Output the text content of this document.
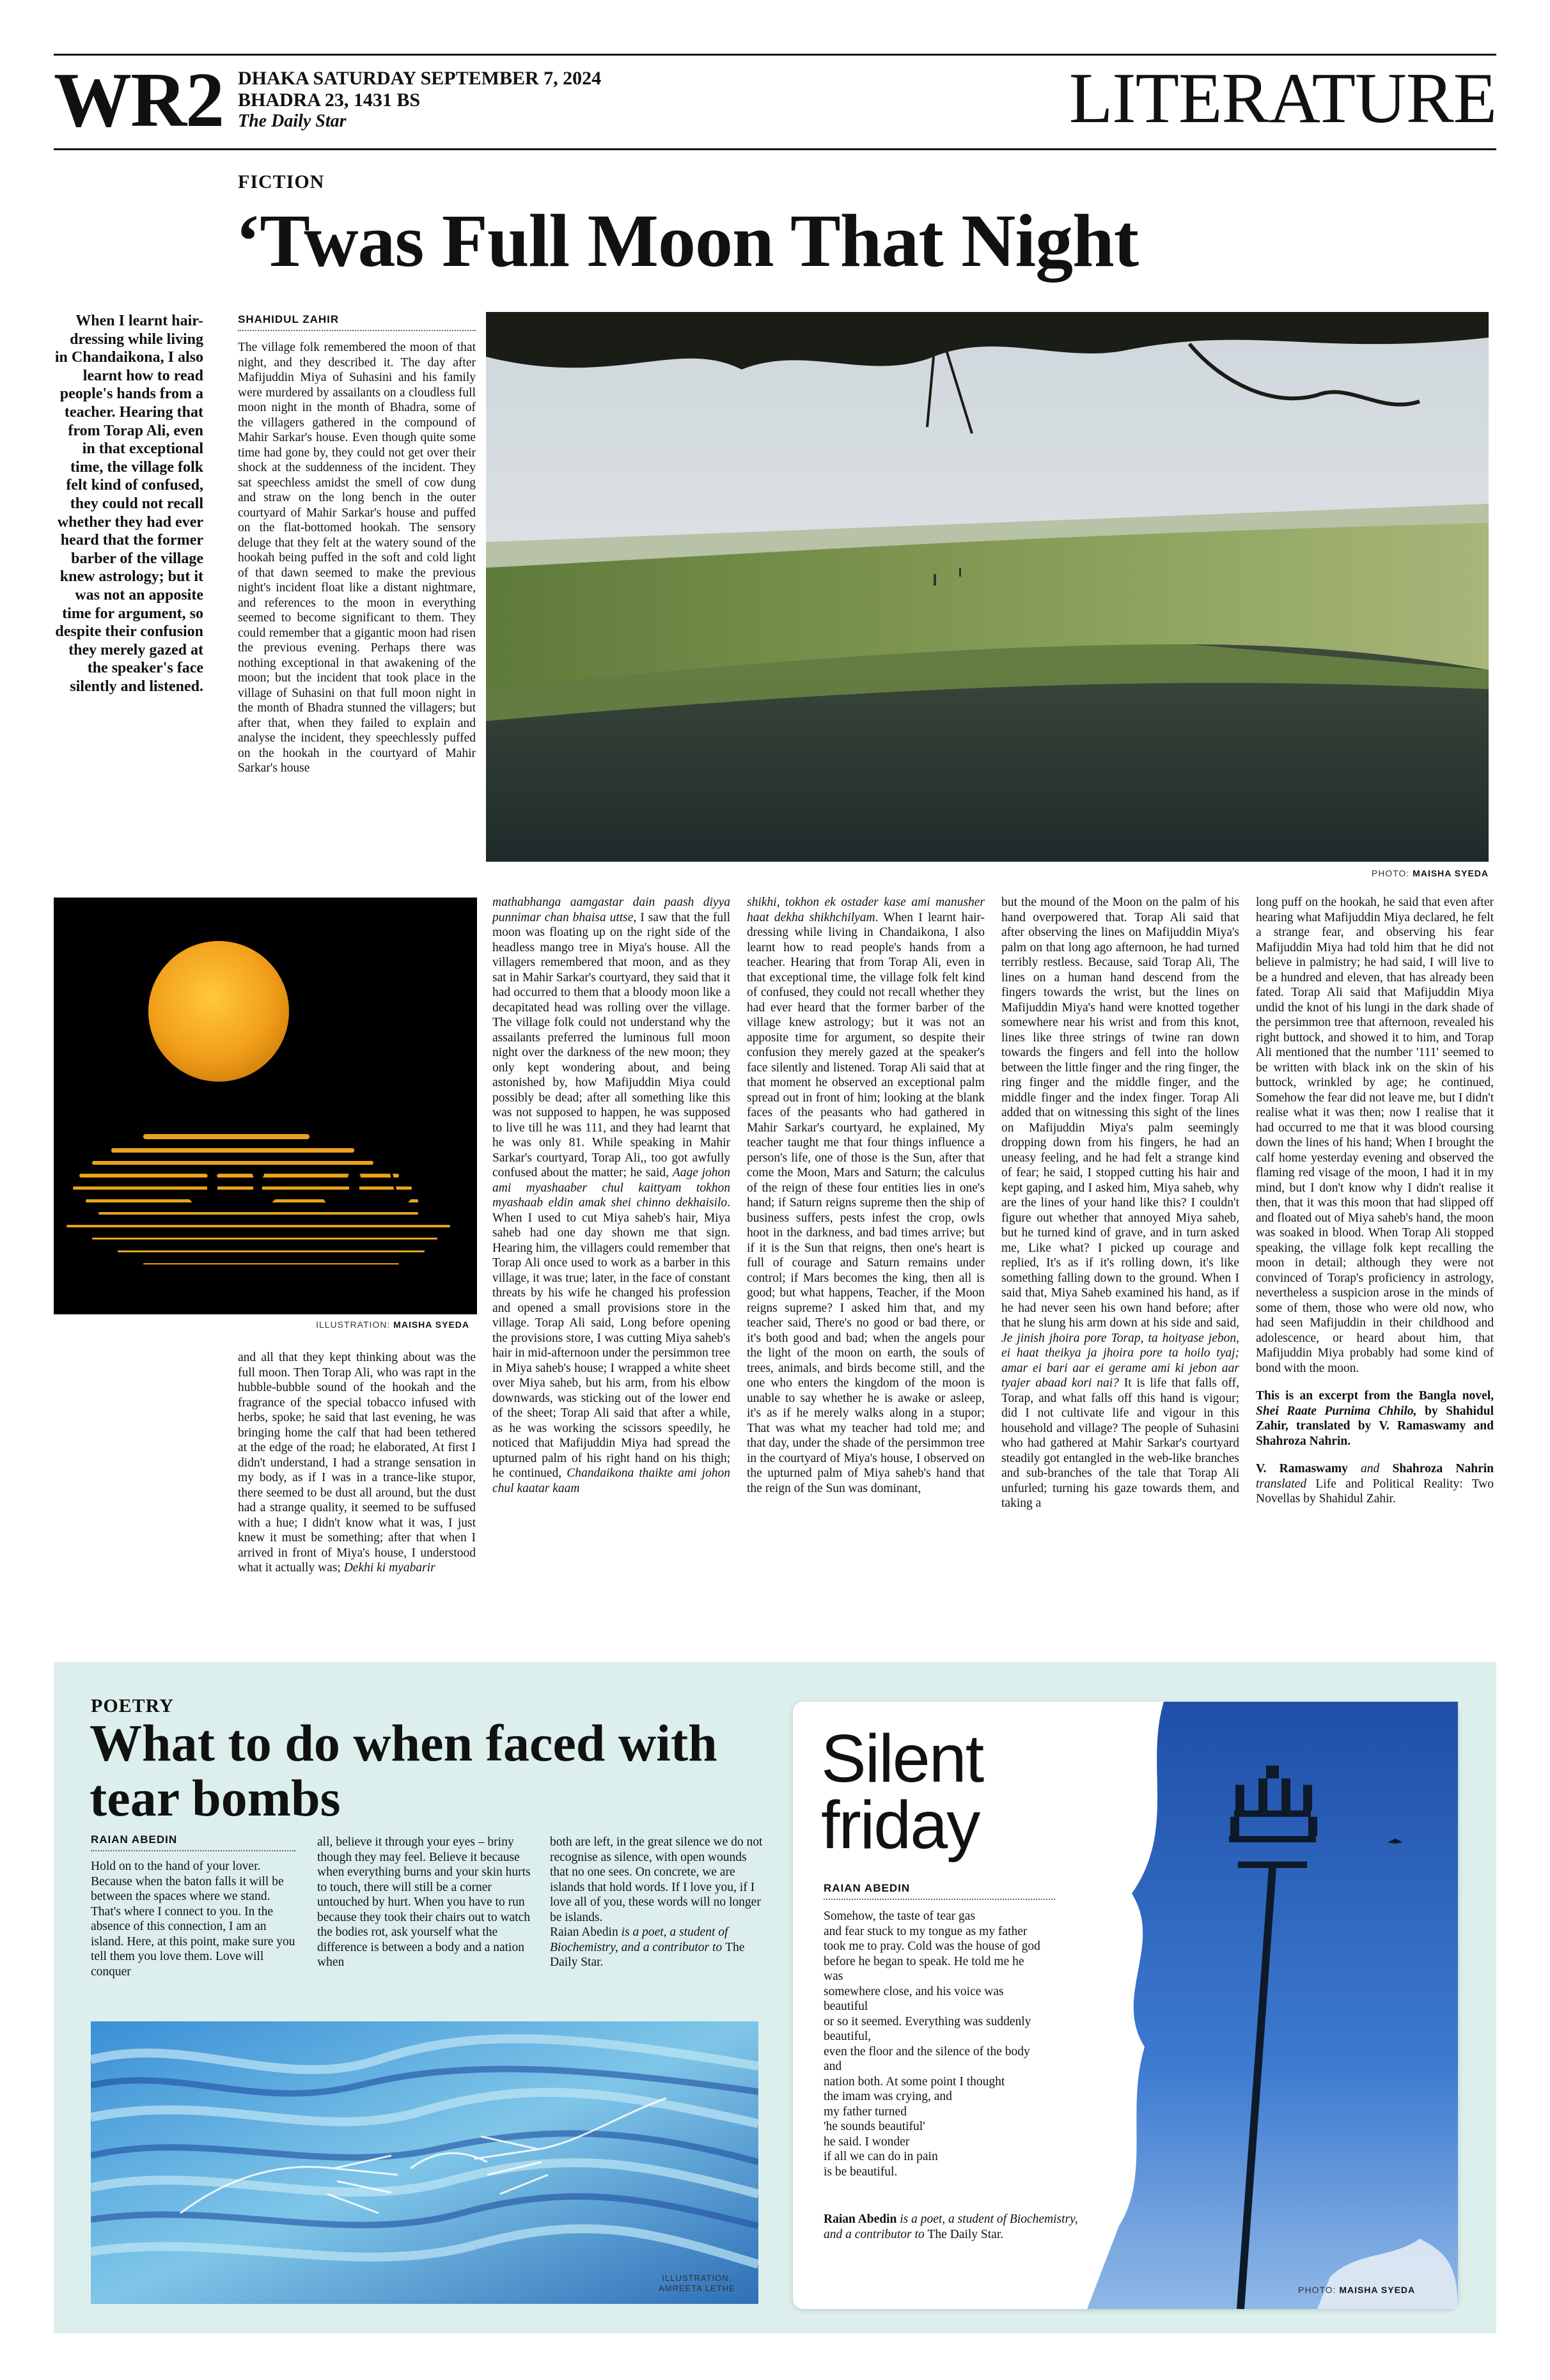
WR2 DHAKA SATURDAY SEPTEMBER 7, 2024
BHADRA 23, 1431 BS
The Daily Star	LITERATURE
FICTION
‘Twas Full Moon That Night
When I learnt hair-dressing while living in Chandaikona, I also learnt how to read people's hands from a teacher. Hearing that from Torap Ali, even in that exceptional time, the village folk felt kind of confused, they could not recall whether they had ever heard that the former barber of the village knew astrology; but it was not an apposite time for argument, so despite their confusion they merely gazed at the speaker's face silently and listened.
SHAHIDUL ZAHIR

The village folk remembered the moon of that night, and they described it. The day after Mafijuddin Miya of Suhasini and his family were murdered by assailants on a cloudless full moon night in the month of Bhadra, some of the villagers gathered in the compound of Mahir Sarkar's house. Even though quite some time had gone by, they could not get over their shock at the suddenness of the incident. They sat speechless amidst the smell of cow dung and straw on the long bench in the outer courtyard of Mahir Sarkar's house and puffed on the flat-bottomed hookah. The sensory deluge that they felt at the watery sound of the hookah being puffed in the soft and cold light of that dawn seemed to make the previous night's incident float like a distant nightmare, and references to the moon in everything seemed to become significant to them. They could remember that a gigantic moon had risen the previous evening. Perhaps there was nothing exceptional in that awakening of the moon; but the incident that took place in the village of Suhasini on that full moon night in the month of Bhadra stunned the villagers; but after that, when they failed to explain and analyse the incident, they speechlessly puffed on the hookah in the courtyard of Mahir Sarkar's house

PHOTO: MAISHA SYEDA
ILLUSTRATION: MAISHA SYEDA

and all that they kept thinking about was the full moon. Then Torap Ali, who was rapt in the hubble-bubble sound of the hookah and the fragrance of the special tobacco infused with herbs, spoke; he said that last evening, he was bringing home the calf that had been tethered at the edge of the road; he elaborated, At first I didn't understand, I had a strange sensation in my body, as if I was in a trance-like stupor, there seemed to be dust all around, but the dust had a strange quality, it seemed to be suffused with a hue; I didn't know what it was, I just knew it must be something; after that when I arrived in front of Miya's house, I understood what it actually was; Dekhi ki myabarir

mathabhanga aamgastar dain paash diyya punnimar chan bhaisa uttse, I saw that the full moon was floating up on the right side of the headless mango tree in Miya's house. All the villagers remembered that moon, and as they sat in Mahir Sarkar's courtyard, they said that it had occurred to them that a bloody moon like a decapitated head was rolling over the village. The village folk could not understand why the assailants preferred the luminous full moon night over the darkness of the new moon; they only kept wondering about, and being astonished by, how Mafijuddin Miya could possibly be dead; after all something like this was not supposed to happen, he was supposed to live till he was 111, and they had learnt that he was only 81. While speaking in Mahir Sarkar's courtyard, Torap Ali,, too got awfully confused about the matter; he said, Aage johon ami myashaaber chul kaittyam tokhon myashaab eldin amak shei chinno dekhaisilo. When I used to cut Miya saheb's hair, Miya saheb had one day shown me that sign. Hearing him, the villagers could remember that Torap Ali once used to work as a barber in this village, it was true; later, in the face of constant threats by his wife he changed his profession and opened a small provisions store in the village. Torap Ali said, Long before opening the provisions store, I was cutting Miya saheb's hair in mid-afternoon under the persimmon tree in Miya saheb's house; I wrapped a white sheet over Miya saheb, but his arm, from his elbow downwards, was sticking out of the lower end of the sheet; Torap Ali said that after a while, as he was working the scissors speedily, he noticed that Mafijuddin Miya had spread the upturned palm of his right hand on his thigh; he continued, Chandaikona thaikte ami johon chul kaatar kaam

shikhi, tokhon ek ostader kase ami manusher haat dekha shikhchilyam. When I learnt hair-dressing while living in Chandaikona, I also learnt how to read people's hands from a teacher. Hearing that from Torap Ali, even in that exceptional time, the village folk felt kind of confused, they could not recall whether they had ever heard that the former barber of the village knew astrology; but it was not an apposite time for argument, so despite their confusion they merely gazed at the speaker's face silently and listened. Torap Ali said that at that moment he observed an exceptional palm spread out in front of him; looking at the blank faces of the peasants who had gathered in Mahir Sarkar's courtyard, he explained, My teacher taught me that four things influence a person's life, one of those is the Sun, after that come the Moon, Mars and Saturn; the calculus of the reign of these four entities lies in one's hand; if Saturn reigns supreme then the ship of business suffers, pests infest the crop, owls hoot in the darkness, and bad times arrive; but if it is the Sun that reigns, then one's heart is full of courage and Saturn remains under control; if Mars becomes the king, then all is good; but what happens, Teacher, if the Moon reigns supreme? I asked him that, and my teacher said, There's no good or bad there, or it's both good and bad; when the angels pour the light of the moon on earth, the souls of trees, animals, and birds become still, and the one who enters the kingdom of the moon is unable to say whether he is awake or asleep, it's as if he merely walks along in a stupor; That was what my teacher had told me; and that day, under the shade of the persimmon tree in the courtyard of Miya's house, I observed on the upturned palm of Miya saheb's hand that the reign of the Sun was dominant,

but the mound of the Moon on the palm of his hand overpowered that. Torap Ali said that after observing the lines on Mafijuddin Miya's palm on that long ago afternoon, he had turned terribly restless. Because, said Torap Ali, The lines on a human hand descend from the fingers towards the wrist, but the lines on Mafijuddin Miya's hand were knotted together somewhere near his wrist and from this knot, lines like three strings of twine ran down towards the fingers and fell into the hollow between the little finger and the ring finger, the ring finger and the middle finger, and the middle finger and the index finger. Torap Ali added that on witnessing this sight of the lines on Mafijuddin Miya's palm seemingly dropping down from his fingers, he had an uneasy feeling, and he had felt a strange kind of fear; he said, I stopped cutting his hair and kept gaping, and I asked him, Miya saheb, why are the lines of your hand like this? I couldn't figure out whether that annoyed Miya saheb, but he turned kind of grave, and in turn asked me, Like what? I picked up courage and replied, It's as if it's rolling down, it's like something falling down to the ground. When I said that, Miya Saheb examined his hand, as if he had never seen his own hand before; after that he slung his arm down at his side and said, Je jinish jhoira pore Torap, ta hoityase jebon, ei haat theikya ja jhoira pore ta hoilo tyaj; amar ei bari aar ei gerame ami ki jebon aar tyajer abaad kori nai? It is life that falls off, Torap, and what falls off this hand is vigour; did I not cultivate life and vigour in this household and village? The people of Suhasini who had gathered at Mahir Sarkar's courtyard steadily got entangled in the web-like branches and sub-branches of the tale that Torap Ali unfurled; turning his gaze towards them, and taking a

long puff on the hookah, he said that even after hearing what Mafijuddin Miya declared, he felt a strange fear, and observing his fear Mafijuddin Miya had told him that he did not believe in palmistry; he had said, I will live to be a hundred and eleven, that has already been fated. Torap Ali said that Mafijuddin Miya undid the knot of his lungi in the dark shade of the persimmon tree that afternoon, revealed his right buttock, and showed it to him, and Torap Ali mentioned that the number '111' seemed to be written with black ink on the skin of his buttock, wrinkled by age; he continued, Somehow the fear did not leave me, but I didn't realise what it was then; now I realise that it had occurred to me that it was blood coursing down the lines of his hand; When I brought the calf home yesterday evening and observed the flaming red visage of the moon, I had it in my mind, but I don't know why I didn't realise it then, that it was this moon that had slipped off and floated out of Miya saheb's hand, the moon was soaked in blood. When Torap Ali stopped speaking, the village folk kept recalling the moon in detail; although they were not convinced of Torap's proficiency in astrology, nevertheless a suspicion arose in the minds of some of them, those who were old now, who had seen Mafijuddin in their childhood and adolescence, or heard about him, that Mafijuddin Miya probably had some kind of bond with the moon.

This is an excerpt from the Bangla novel, Shei Raate Purnima Chhilo, by Shahidul Zahir, translated by V. Ramaswamy and Shahroza Nahrin.

V. Ramaswamy and Shahroza Nahrin translated Life and Political Reality: Two Novellas by Shahidul Zahir.

POETRY
What to do when faced with tear bombs
RAIAN ABEDIN
Hold on to the hand of your lover. Because when the baton falls it will be between the spaces where we stand. That's where I connect to you. In the absence of this connection, I am an island. Here, at this point, make sure you tell them you love them. Love will conquer
all, believe it through your eyes – briny though they may feel. Believe it because when everything burns and your skin hurts to touch, there will still be a corner untouched by hurt. When you have to run because they took their chairs out to watch the bodies rot, ask yourself what the difference is between a body and a nation when

both are left, in the great silence we do not recognise as silence, with open wounds that no one sees. On concrete, we are islands that hold words. If I love you, if I love all of you, these words will no longer be islands.

Raian Abedin is a poet, a student of Biochemistry, and a contributor to The Daily Star.

ILLUSTRATION:
AMREETA LETHE
Silent
friday
RAIAN ABEDIN
Somehow, the taste of tear gas
and fear stuck to my tongue as my father
took me to pray. Cold was the house of god
before he began to speak. He told me he
was
somewhere close, and his voice was
beautiful
or so it seemed. Everything was suddenly
beautiful,
even the floor and the silence of the body
and
nation both. At some point I thought
the imam was crying, and
my father turned
'he sounds beautiful'
he said. I wonder
if all we can do in pain
is be beautiful.
Raian Abedin is a poet, a student of Biochemistry, and a contributor to The Daily Star.
PHOTO: MAISHA SYEDA
